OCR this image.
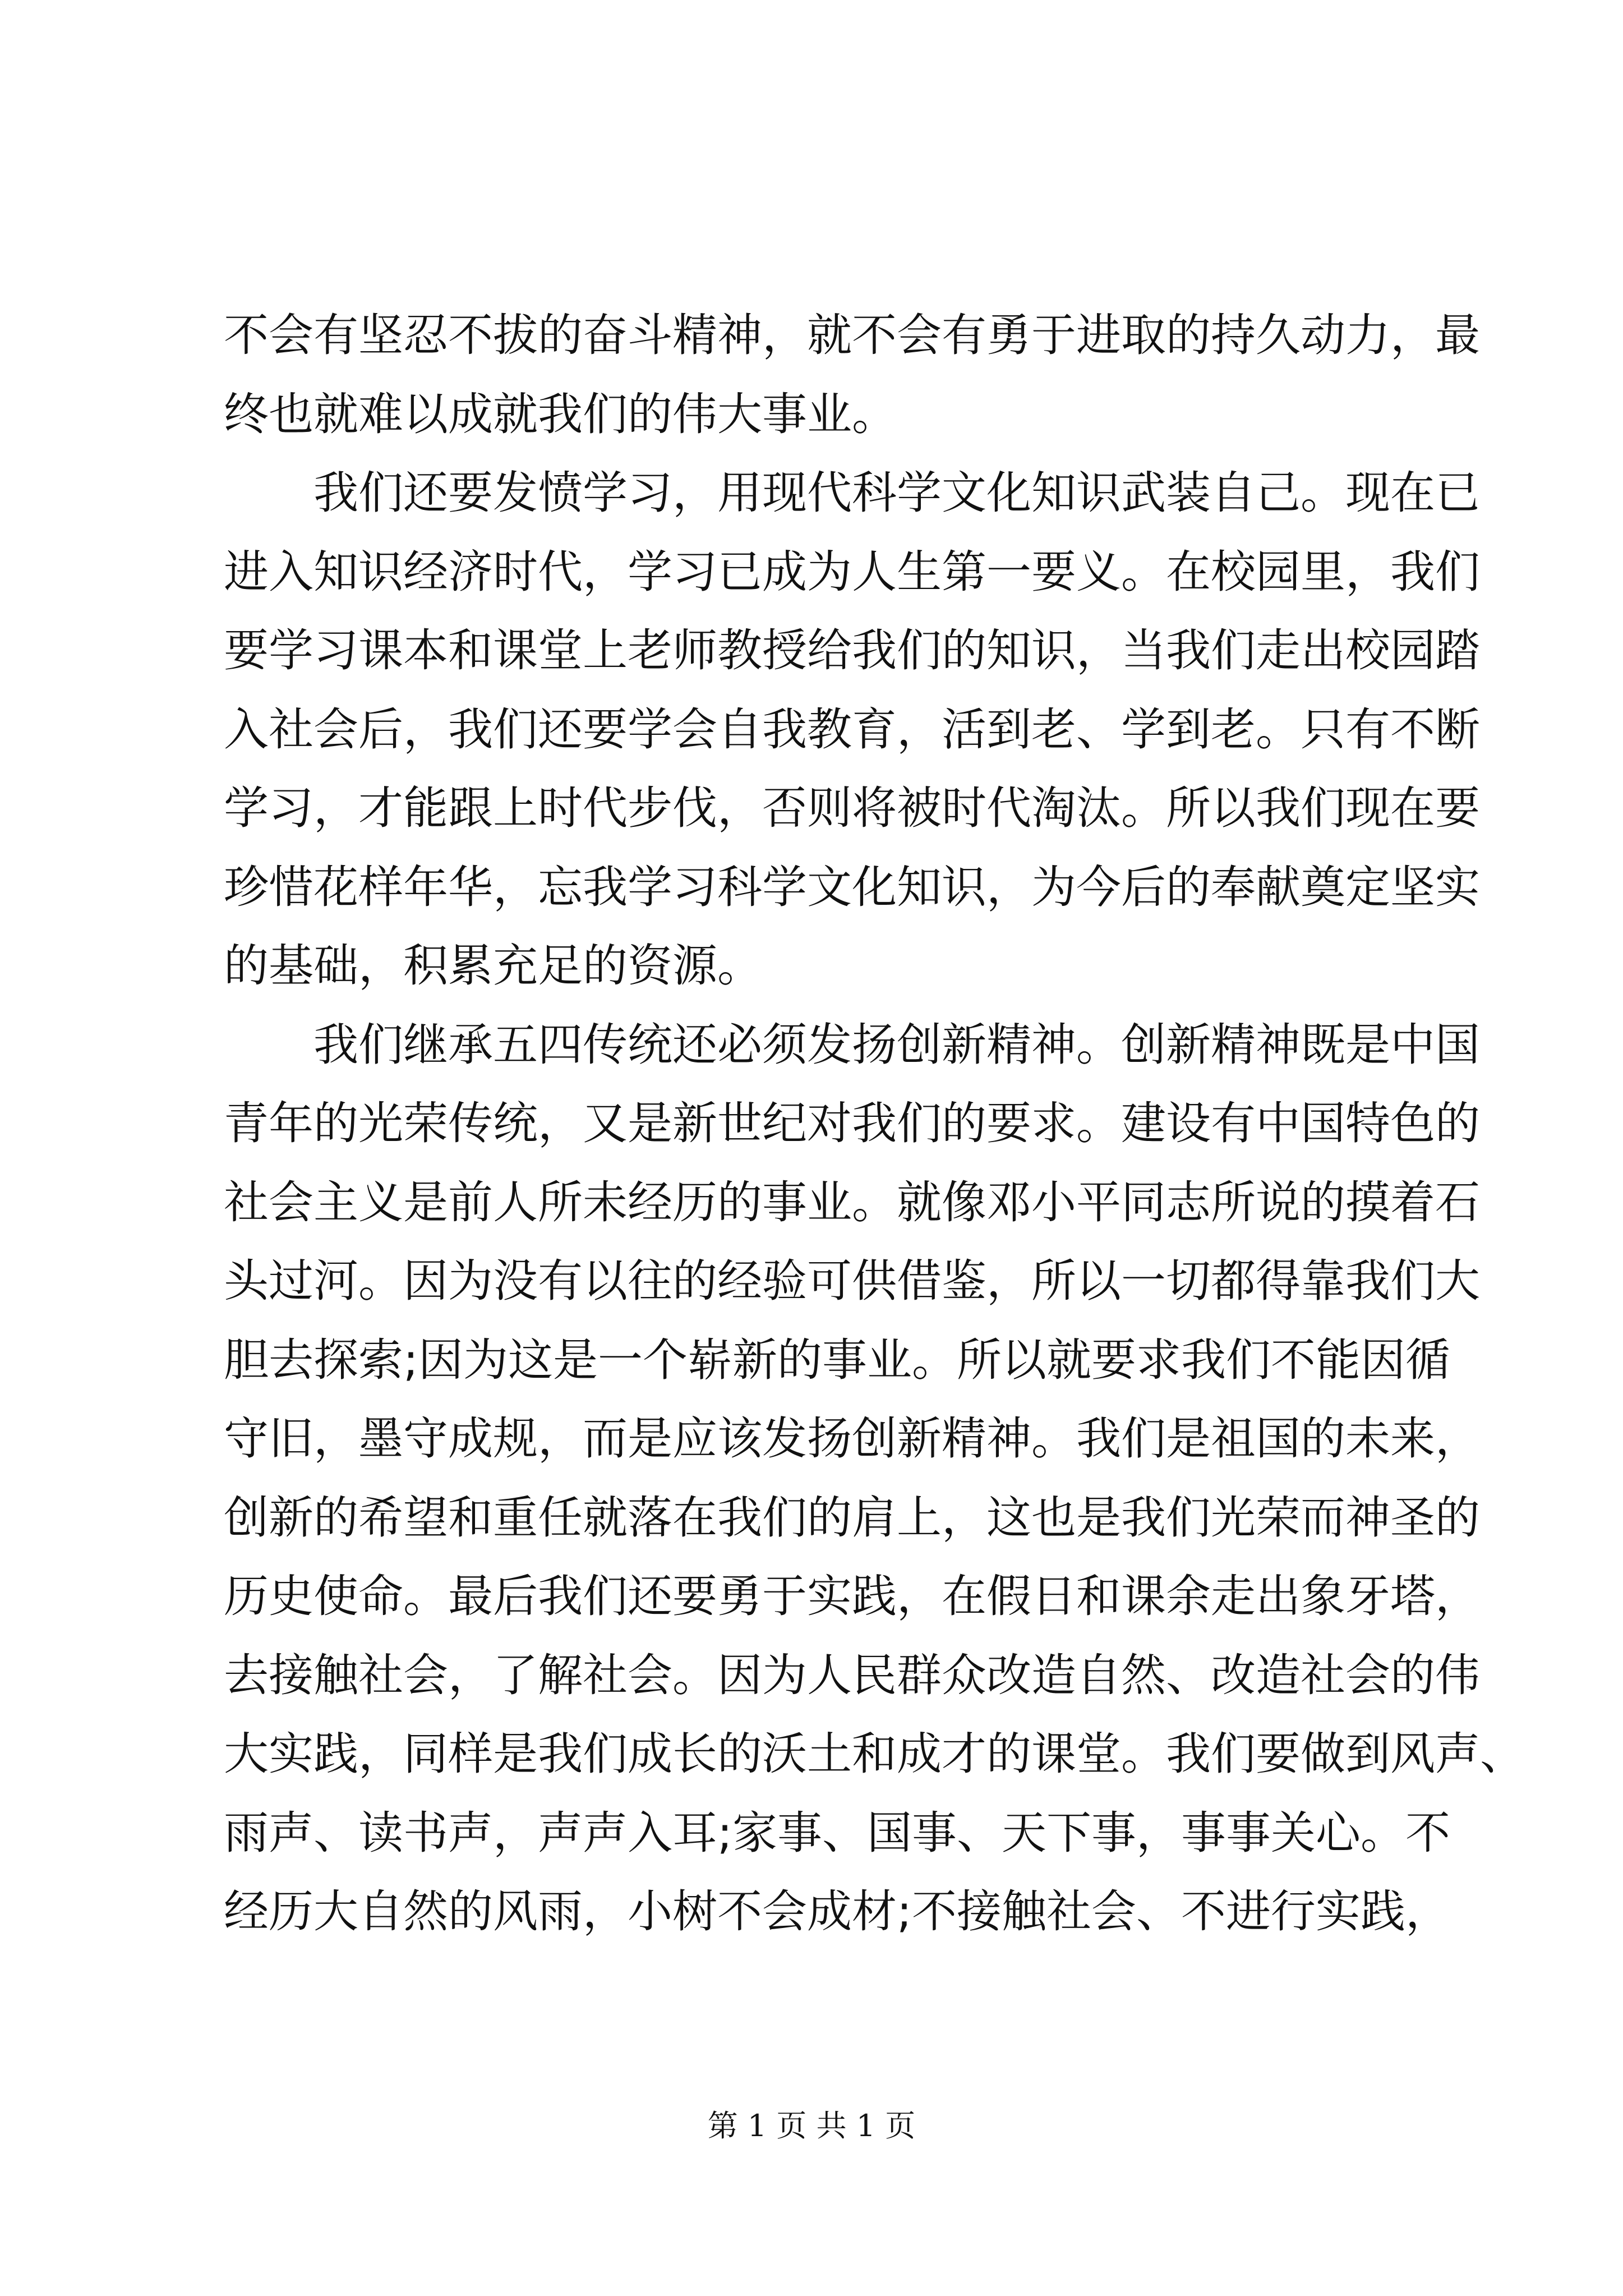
不会有坚忍不拔的奋斗精神，就不会有勇于进取的持久动力，最
终也就难以成就我们的伟大事业。
我们还要发愤学习，用现代科学文化知识武装自己。现在已
进入知识经济时代，学习已成为人生第一要义。在校园里，我们
要学习课本和课堂上老师教授给我们的知识，当我们走出校园踏
入社会后，我们还要学会自我教育，活到老、学到老。只有不断
学习，才能跟上时代步伐，否则将被时代淘汰。所以我们现在要
珍惜花样年华，忘我学习科学文化知识，为今后的奉献奠定坚实
的基础，积累充足的资源。
我们继承五四传统还必须发扬创新精神。创新精神既是中国
青年的光荣传统，又是新世纪对我们的要求。建设有中国特色的
社会主义是前人所未经历的事业。就像邓小平同志所说的摸着石
头过河。因为没有以往的经验可供借鉴，所以一切都得靠我们大
胆去探索;因为这是一个崭新的事业。所以就要求我们不能因循
守旧，墨守成规，而是应该发扬创新精神。我们是祖国的未来，
创新的希望和重任就落在我们的肩上，这也是我们光荣而神圣的
历史使命。最后我们还要勇于实践，在假日和课余走出象牙塔，
去接触社会，了解社会。因为人民群众改造自然、改造社会的伟
大实践，同样是我们成长的沃土和成才的课堂。我们要做到风声、
雨声、读书声，声声入耳;家事、国事、天下事，事事关心。不
经历大自然的风雨，小树不会成材;不接触社会、不进行实践，
第 1 页 共 1 页
